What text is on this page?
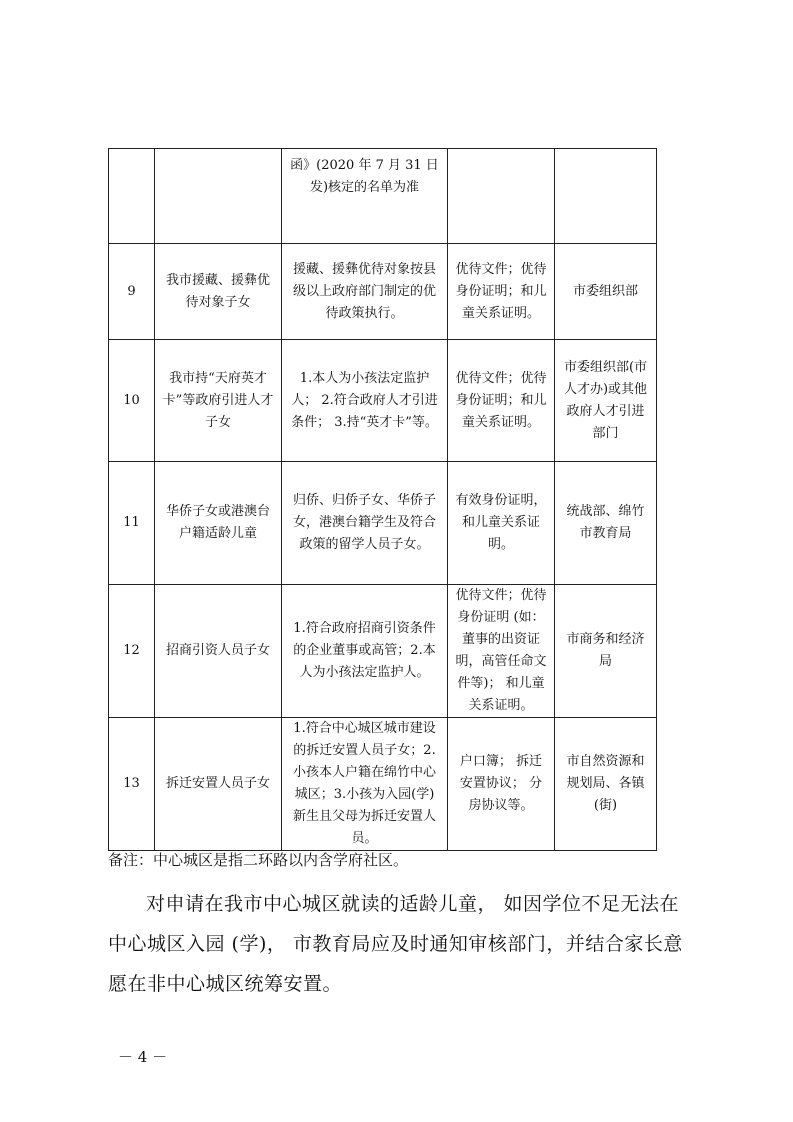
		函》(2020 年 7 月 31 日发)核定的名单为准		
9	我市援藏、援彝优待对象子女	援藏、援彝优待对象按县级以上政府部门制定的优待政策执行。	优待文件；优待身份证明；和儿童关系证明。	市委组织部
10	我市持“天府英才卡”等政府引进人才子女	1.本人为小孩法定监护人； 2.符合政府人才引进条件； 3.持“英才卡”等。	优待文件；优待身份证明；和儿童关系证明。	市委组织部(市人才办)或其他政府人才引进部门
11	华侨子女或港澳台户籍适龄儿童	归侨、归侨子女、华侨子女，港澳台籍学生及符合政策的留学人员子女。	有效身份证明，和儿童关系证明。	统战部、绵竹市教育局
12	招商引资人员子女	1.符合政府招商引资条件的企业董事或高管；2.本人为小孩法定监护人。	优待文件；优待身份证明 (如：董事的出资证明，高管任命文件等)； 和儿童关系证明。	市商务和经济局
13	拆迁安置人员子女	1.符合中心城区城市建设的拆迁安置人员子女；2.小孩本人户籍在绵竹中心城区；3.小孩为入园(学)新生且父母为拆迁安置人员。	户口簿； 拆迁安置协议； 分房协议等。	市自然资源和规划局、各镇(街)
备注：中心城区是指二环路以内含学府社区。
对申请在我市中心城区就读的适龄儿童， 如因学位不足无法在中心城区入园 (学)， 市教育局应及时通知审核部门，并结合家长意愿在非中心城区统筹安置。
－ 4 －
